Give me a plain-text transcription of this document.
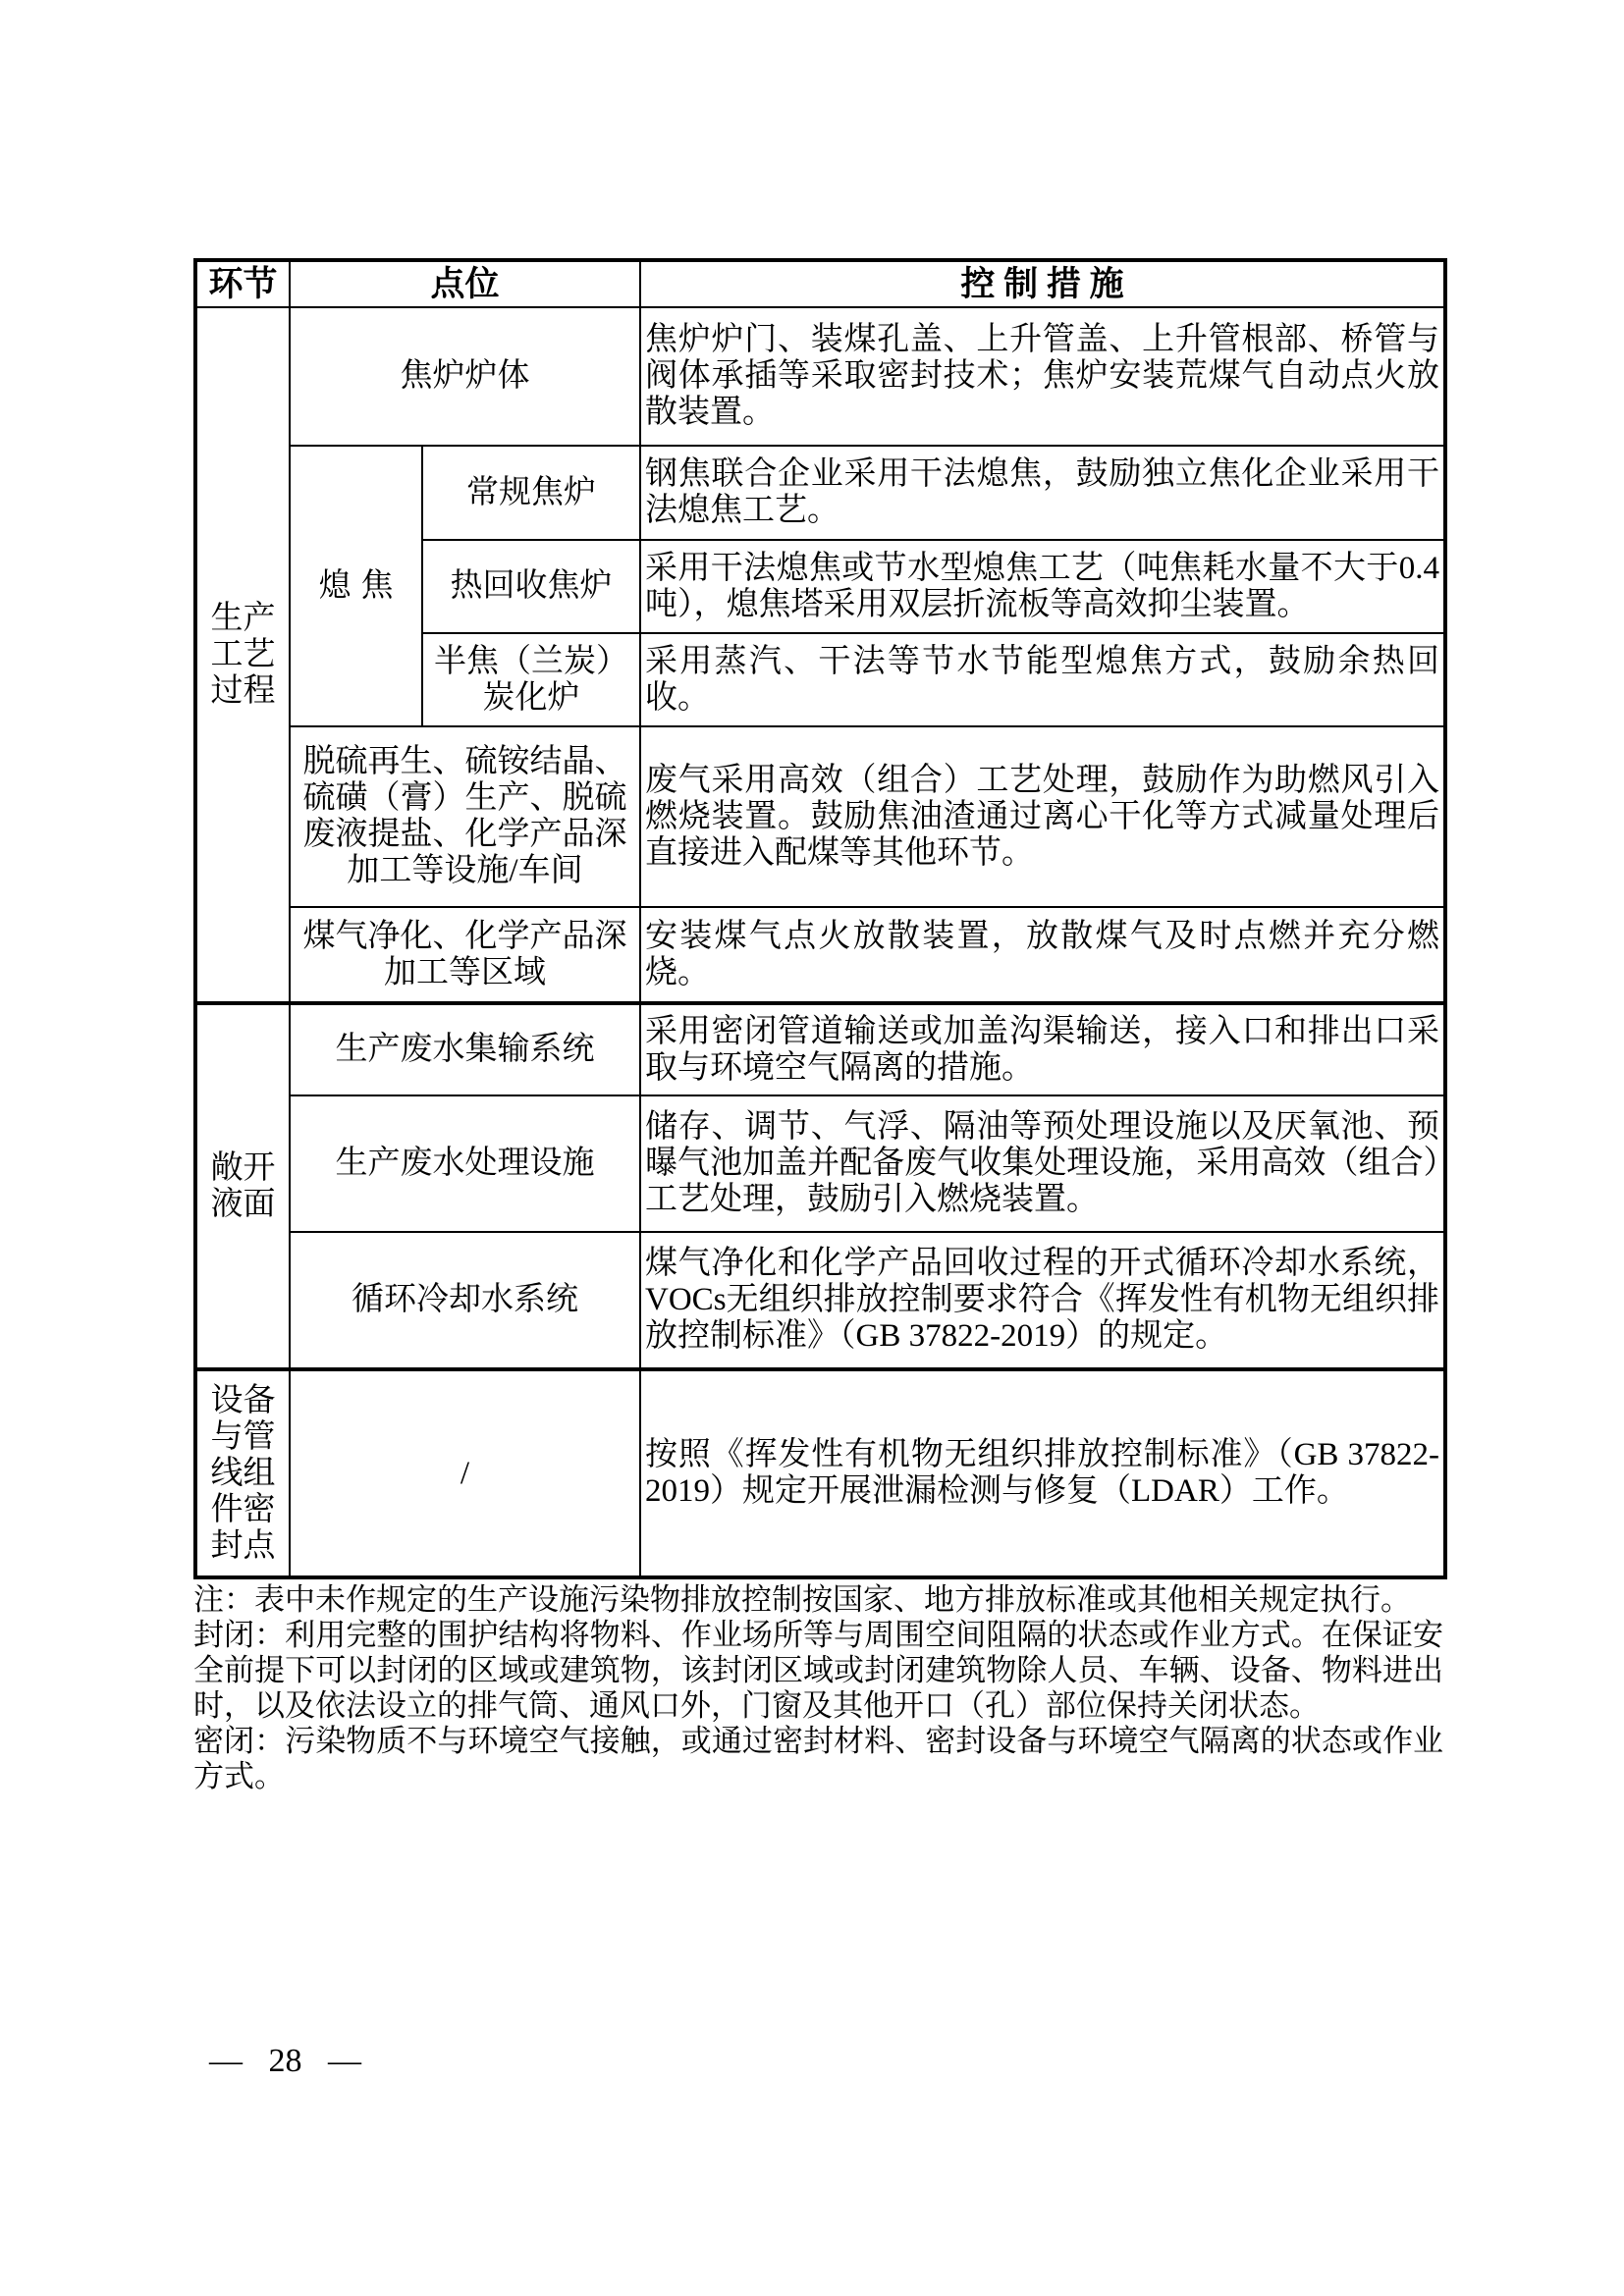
环节	点位		控 制 措 施
生产工艺过程	焦炉炉体		焦炉炉门、装煤孔盖、上升管盖、上升管根部、桥管与阀体承插等采取密封技术；焦炉安装荒煤气自动点火放散装置。
	熄焦	常规焦炉	钢焦联合企业采用干法熄焦，鼓励独立焦化企业采用干法熄焦工艺。
		热回收焦炉	采用干法熄焦或节水型熄焦工艺（吨焦耗水量不大于0.4吨），熄焦塔采用双层折流板等高效抑尘装置。
		半焦（兰炭）炭化炉	采用蒸汽、干法等节水节能型熄焦方式，鼓励余热回收。
	脱硫再生、硫铵结晶、硫磺（膏）生产、脱硫废液提盐、化学产品深加工等设施/车间		废气采用高效（组合）工艺处理，鼓励作为助燃风引入燃烧装置。鼓励焦油渣通过离心干化等方式减量处理后直接进入配煤等其他环节。
	煤气净化、化学产品深加工等区域		安装煤气点火放散装置，放散煤气及时点燃并充分燃烧。
敞开液面	生产废水集输系统		采用密闭管道输送或加盖沟渠输送，接入口和排出口采取与环境空气隔离的措施。
	生产废水处理设施		储存、调节、气浮、隔油等预处理设施以及厌氧池、预曝气池加盖并配备废气收集处理设施，采用高效（组合）工艺处理，鼓励引入燃烧装置。
	循环冷却水系统		煤气净化和化学产品回收过程的开式循环冷却水系统，VOCs无组织排放控制要求符合《挥发性有机物无组织排放控制标准》（GB 37822-2019）的规定。
设备与管线组件密封点	/		按照《挥发性有机物无组织排放控制标准》（GB 37822-2019）规定开展泄漏检测与修复（LDAR）工作。

注：表中未作规定的生产设施污染物排放控制按国家、地方排放标准或其他相关规定执行。

封闭：利用完整的围护结构将物料、作业场所等与周围空间阻隔的状态或作业方式。在保证安全前提下可以封闭的区域或建筑物，该封闭区域或封闭建筑物除人员、车辆、设备、物料进出时，以及依法设立的排气筒、通风口外，门窗及其他开口（孔）部位保持关闭状态。

密闭：污染物质不与环境空气接触，或通过密封材料、密封设备与环境空气隔离的状态或作业方式。

— 28 —
